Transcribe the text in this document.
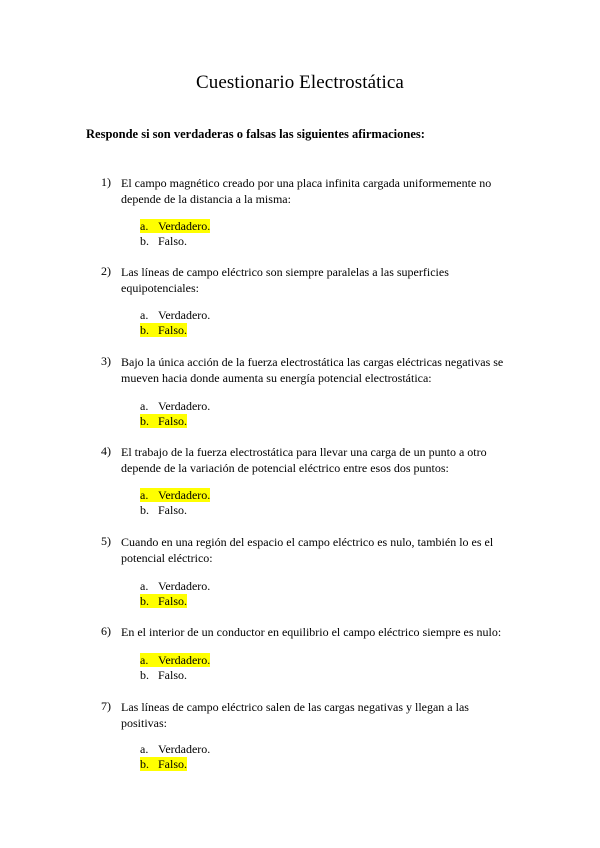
Cuestionario Electrostática
Responde si son verdaderas o falsas las siguientes afirmaciones:
1) El campo magnético creado por una placa infinita cargada uniformemente no depende de la distancia a la misma:
a. Verdadero.
b. Falso.
2) Las líneas de campo eléctrico son siempre paralelas a las superficies equipotenciales:
a. Verdadero.
b. Falso.
3) Bajo la única acción de la fuerza electrostática las cargas eléctricas negativas se mueven hacia donde aumenta su energía potencial electrostática:
a. Verdadero.
b. Falso.
4) El trabajo de la fuerza electrostática para llevar una carga de un punto a otro depende de la variación de potencial eléctrico entre esos dos puntos:
a. Verdadero.
b. Falso.
5) Cuando en una región del espacio el campo eléctrico es nulo, también lo es el potencial eléctrico:
a. Verdadero.
b. Falso.
6) En el interior de un conductor en equilibrio el campo eléctrico siempre es nulo:
a. Verdadero.
b. Falso.
7) Las líneas de campo eléctrico salen de las cargas negativas y llegan a las positivas:
a. Verdadero.
b. Falso.
